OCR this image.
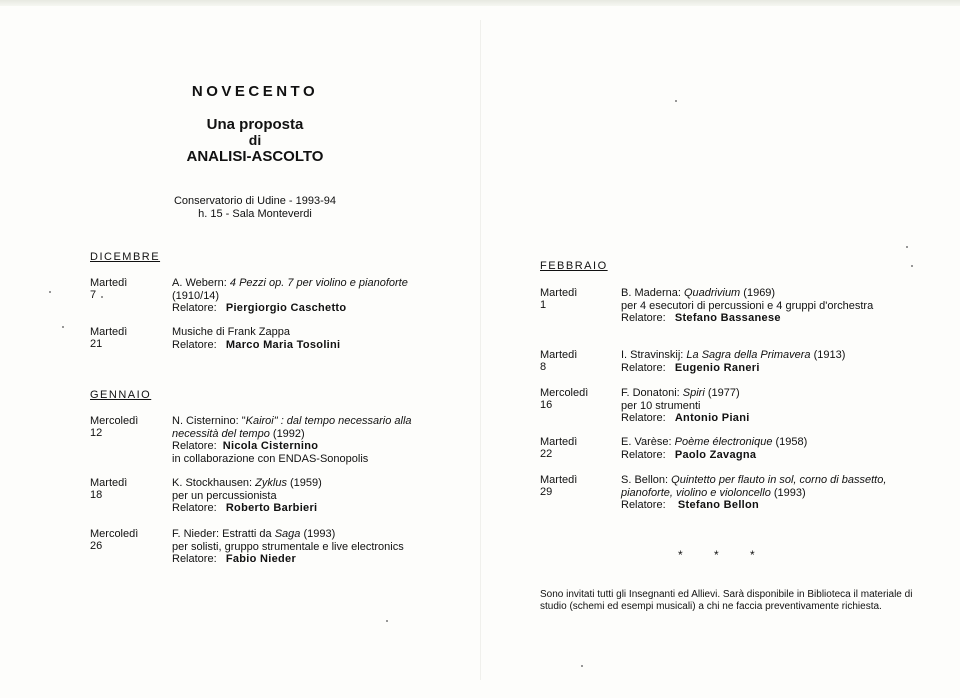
NOVECENTO
Una proposta
di
ANALISI-ASCOLTO
Conservatorio di Udine - 1993-94
h. 15 - Sala Monteverdi
DICEMBRE
GENNAIO
FEBBRAIO
Martedì 7
A. Webern: 4 Pezzi op. 7 per violino e pianoforte
(1910/14)
Relatore: Piergiorgio Caschetto
Martedì 21
Musiche di Frank Zappa
Relatore: Marco Maria Tosolini
Mercoledì 12
N. Cisternino: "Kairoi" : dal tempo necessario alla
necessità del tempo (1992)
Relatore: Nicola Cisternino
in collaborazione con ENDAS-Sonopolis
Martedì 18
K. Stockhausen: Zyklus (1959)
per un percussionista
Relatore: Roberto Barbieri
Mercoledì 26
F. Nieder: Estratti da Saga (1993)
per solisti, gruppo strumentale e live electronics
Relatore: Fabio Nieder
Martedì 1
B. Maderna: Quadrivium (1969)
per 4 esecutori di percussioni e 4 gruppi d'orchestra
Relatore: Stefano Bassanese
Martedì 8
I. Stravinskij: La Sagra della Primavera (1913)
Relatore: Eugenio Raneri
Mercoledì 16
F. Donatoni: Spiri (1977)
per 10 strumenti
Relatore: Antonio Piani
Martedì 22
E. Varèse: Poème électronique (1958)
Relatore: Paolo Zavagna
Martedì 29
S. Bellon: Quintetto per flauto in sol, corno di bassetto,
pianoforte, violino e violoncello (1993)
Relatore: Stefano Bellon
* * *
Sono invitati tutti gli Insegnanti ed Allievi. Sarà disponibile in Biblioteca il materiale di studio (schemi ed esempi musicali) a chi ne faccia preventivamente richiesta.
